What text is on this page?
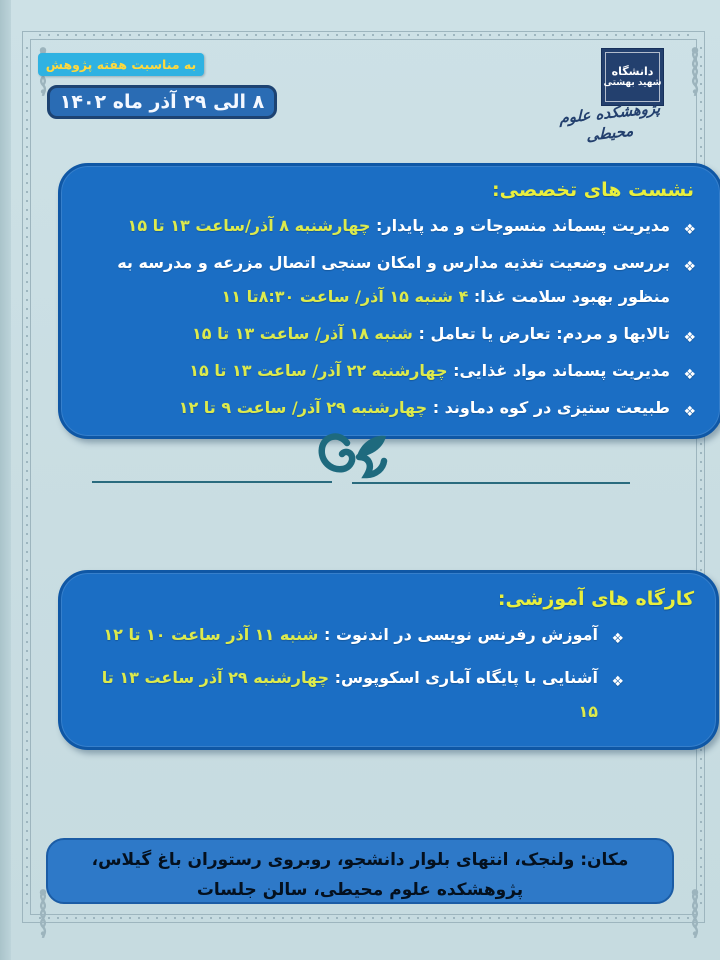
به مناسبت هفته پژوهش
۸ الی ۲۹ آذر ماه ۱۴۰۲
دانشگاه
شهید بهشتی
پژوهشکده علوم محیطی
نشست های تخصصی:
❖
مدیریت پسماند منسوجات و مد پایدار: چهارشنبه ۸ آذر/ساعت ۱۳ تا ۱۵
❖
بررسی وضعیت تغذیه مدارس و امکان سنجی اتصال مزرعه و مدرسه به منظور بهبود سلامت غذا: ۴ شنبه ۱۵ آذر/ ساعت ۸:۳۰تا ۱۱
❖
تالابها و مردم: تعارض یا تعامل : شنبه ۱۸ آذر/ ساعت ۱۳ تا ۱۵
❖
مدیریت پسماند مواد غذایی: چهارشنبه ۲۲ آذر/ ساعت ۱۳ تا ۱۵
❖
طبیعت ستیزی در کوه دماوند : چهارشنبه ۲۹ آذر/ ساعت ۹ تا ۱۲
کارگاه های آموزشی:
❖
آموزش رفرنس نویسی در اندنوت : شنبه ۱۱ آذر ساعت ۱۰ تا ۱۲
❖
آشنایی با پایگاه آماری اسکوپوس: چهارشنبه ۲۹ آذر ساعت ۱۳ تا ۱۵
مکان: ولنجک، انتهای بلوار دانشجو، روبروی رستوران باغ گیلاس، پژوهشکده علوم محیطی، سالن جلسات
